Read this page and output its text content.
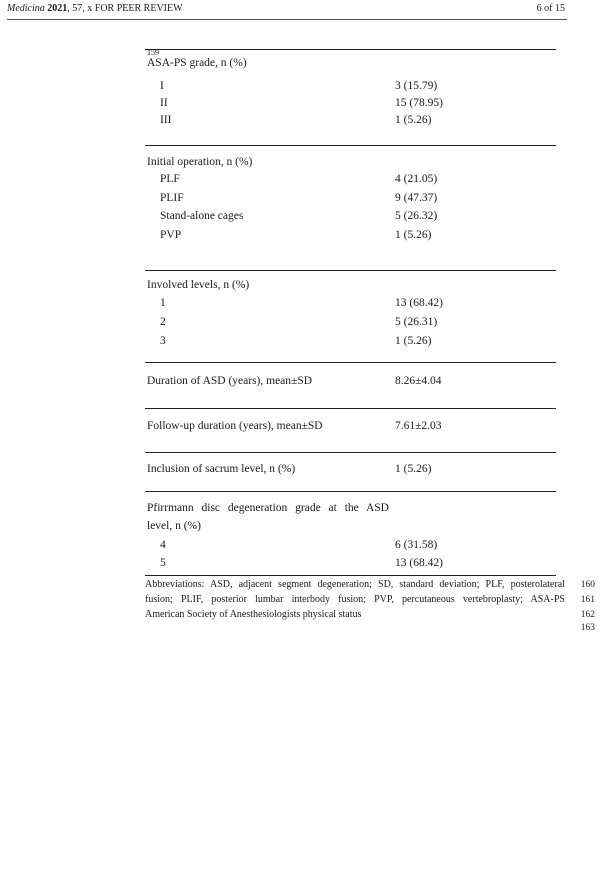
Medicina 2021, 57, x FOR PEER REVIEW	6 of 15
159
ASA-PS grade, n (%)
I	3 (15.79)
II	15 (78.95)
III	1 (5.26)
Initial operation, n (%)
PLF	4 (21.05)
PLIF	9 (47.37)
Stand-alone cages	5 (26.32)
PVP	1 (5.26)
Involved levels, n (%)
1	13 (68.42)
2	5 (26.31)
3	1 (5.26)
Duration of ASD (years), mean±SD	8.26±4.04
Follow-up duration (years), mean±SD	7.61±2.03
Inclusion of sacrum level, n (%)	1 (5.26)
Pfirrmann disc degeneration grade at the ASD
level, n (%)
4	6 (31.58)
5	13 (68.42)
Abbreviations: ASD, adjacent segment degeneration; SD, standard deviation; PLF, posterolateral
fusion; PLIF, posterior lumbar interbody fusion; PVP, percutaneous vertebroplasty; ASA-PS
American Society of Anesthesiologists physical status
160
161
162
163
